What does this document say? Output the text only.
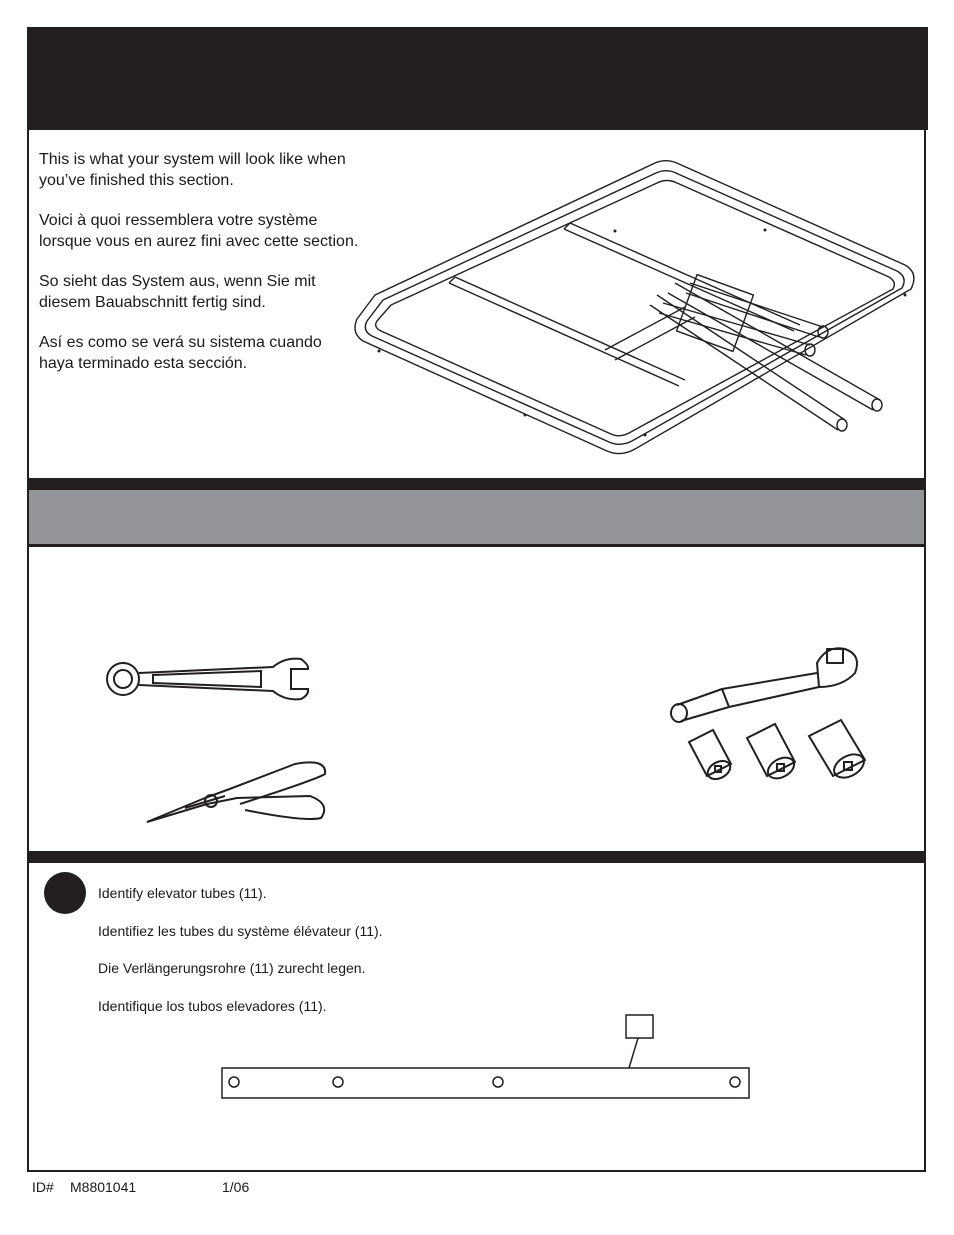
This is what your system will look like when you’ve finished this section.

Voici à quoi ressemblera votre système lorsque vous en aurez fini avec cette section.

So sieht das System aus, wenn Sie mit diesem Bauabschnitt fertig sind.

Así es como se verá su sistema cuando haya terminado esta sección.

Identify elevator tubes (11).
Identifiez les tubes du système élévateur (11).
Die Verlängerungsrohre (11) zurecht legen.
Identifique los tubos elevadores (11).
ID# M8801041	1/06
